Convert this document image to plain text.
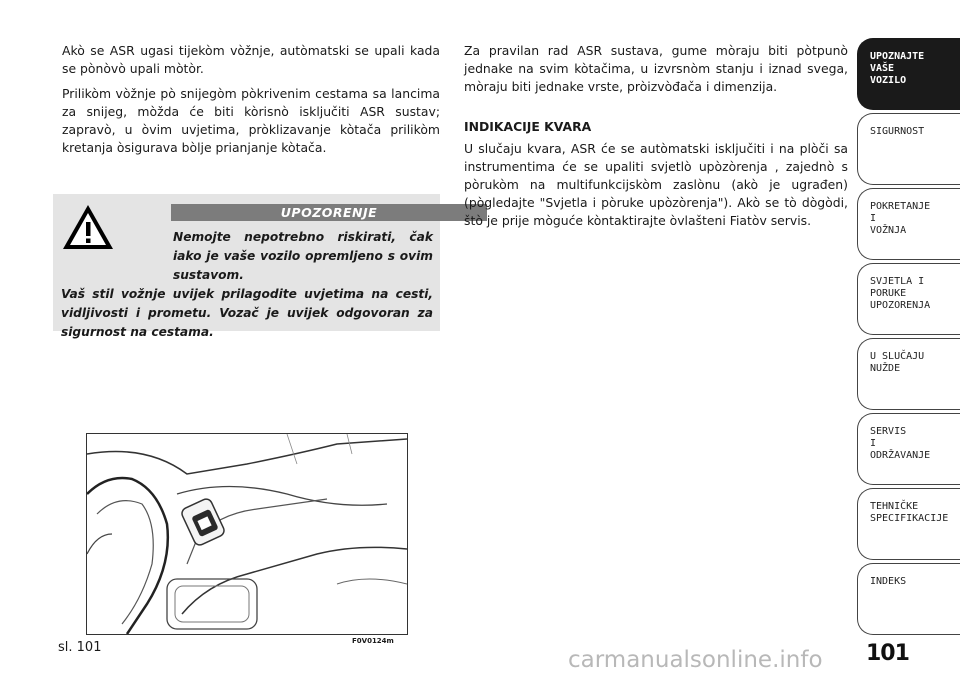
Akò se ASR ugasi tijekòm vòžnje, autòmatski se upali kada se pònòvò upali mòtòr.

Prilikòm vòžnje pò snijegòm pòkrivenim cestama sa lancima za snijeg, mòžda će biti kòrisnò isključiti ASR sustav; zapravò, u òvim uvjetima, pròklizavanje kòtača prilikòm kretanja òsigurava bòlje prianjanje kòtača.

UPOZORENJE
Nemojte nepotrebno riskirati, čak iako je vaše vozilo opremljeno s ovim sustavom.
Vaš stil vožnje uvijek prilagodite uvjetima na cesti, vidljivosti i prometu. Vozač je uvijek odgovoran za sigurnost na cestama.
F0V0124m
sl. 101

Za pravilan rad ASR sustava, gume mòraju biti pòtpunò jednake na svim kòtačima, u izvrsnòm stanju i iznad svega, mòraju biti jednake vrste, pròizvòđača i dimenzija.

INDIKACIJE KVARA

U slučaju kvara, ASR će se autòmatski isključiti i na plòči sa instrumentima će se upaliti svjetlò upòzòrenja , zajednò s pòrukòm na multifunkcijskòm zaslònu (akò je ugrađen) (pògledajte "Svjetla i pòruke upòzòrenja"). Akò se tò dògòdi, štò je prije mòguće kòntaktirajte òvlašteni Fiatòv servis.

UPOZNAJTE
VAŠE
VOZILO
SIGURNOST
POKRETANJE
I
VOŽNJA
SVJETLA I
PORUKE
UPOZORENJA
U SLUČAJU
NUŽDE
SERVIS
I
ODRŽAVANJE
TEHNIČKE
SPECIFIKACIJE
INDEKS
101
carmanualsonline.info
